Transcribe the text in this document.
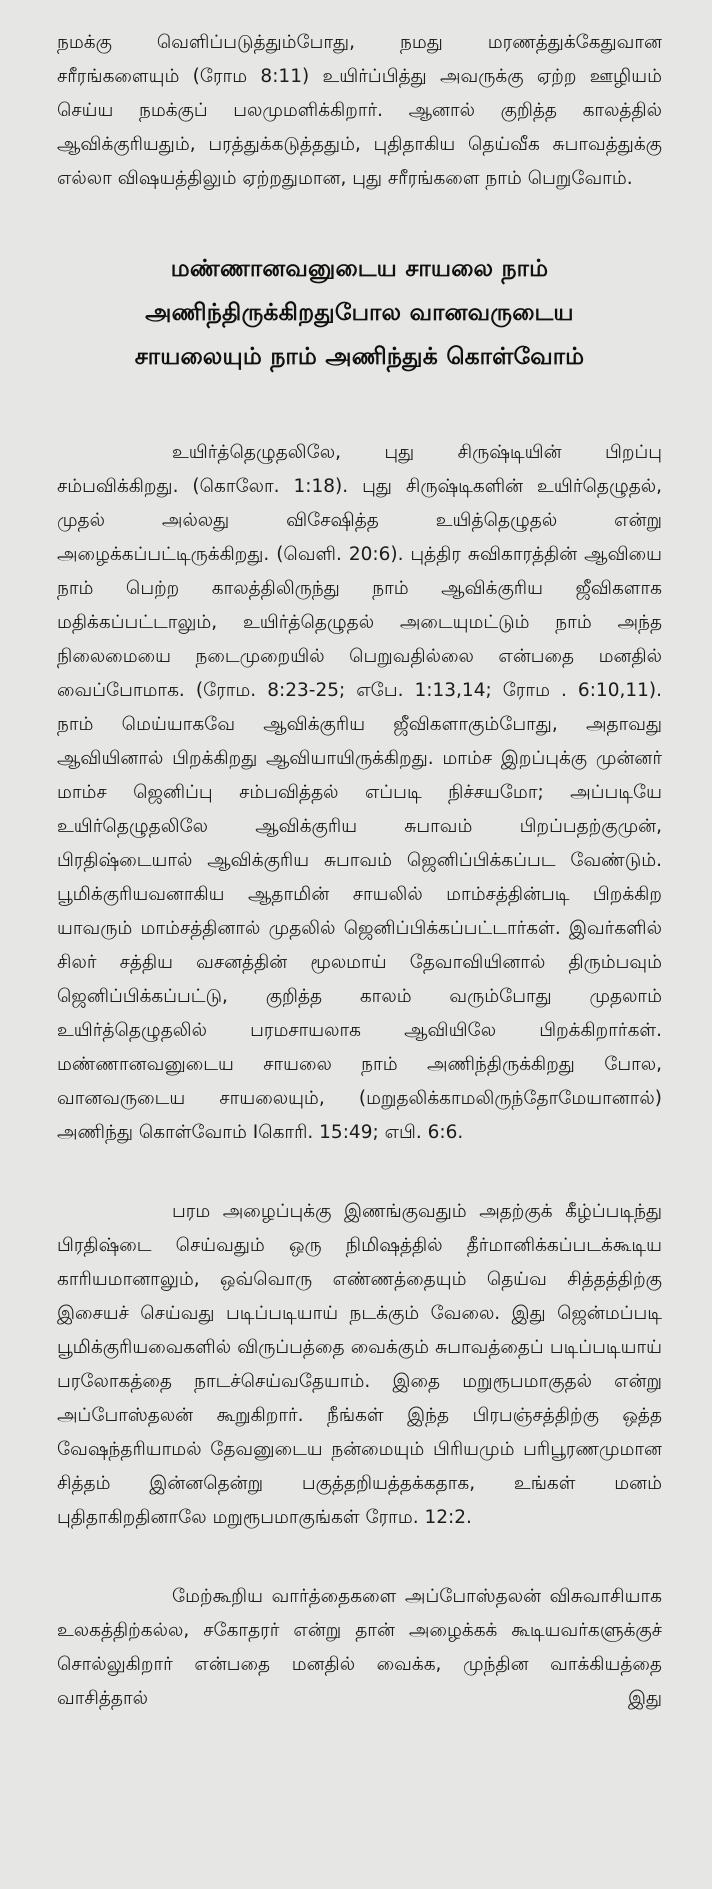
நமக்கு வெளிப்படுத்தும்போது, நமது மரணத்துக்கேதுவான சரீரங்களையும் (ரோம 8:11) உயிர்ப்பித்து அவருக்கு ஏற்ற ஊழியம் செய்ய நமக்குப் பலமுமளிக்கிறார். ஆனால் குறித்த காலத்தில் ஆவிக்குரியதும், பரத்துக்கடுத்ததும், புதிதாகிய தெய்வீக சுபாவத்துக்கு எல்லா விஷயத்திலும் ஏற்றதுமான, புது சரீரங்களை நாம் பெறுவோம்.

மண்ணானவனுடைய சாயலை நாம்
அணிந்திருக்கிறதுபோல வானவருடைய
சாயலையும் நாம் அணிந்துக் கொள்வோம்

உயிர்த்தெழுதலிலே, புது சிருஷ்டியின் பிறப்பு சம்பவிக்கிறது. (கொலோ. 1:18). புது சிருஷ்டிகளின் உயிர்தெழுதல், முதல் அல்லது விசேஷித்த உயித்தெழுதல் என்று அழைக்கப்பட்டிருக்கிறது. (வெளி. 20:6). புத்திர சுவிகாரத்தின் ஆவியை நாம் பெற்ற காலத்திலிருந்து நாம் ஆவிக்குரிய ஜீவிகளாக மதிக்கப்பட்டாலும், உயிர்த்தெழுதல் அடையுமட்டும் நாம் அந்த நிலைமையை நடைமுறையில் பெறுவதில்லை என்பதை மனதில் வைப்போமாக. (ரோம. 8:23-25; எபே. 1:13,14; ரோம . 6:10,11). நாம் மெய்யாகவே ஆவிக்குரிய ஜீவிகளாகும்போது, அதாவது ஆவியினால் பிறக்கிறது ஆவியாயிருக்கிறது. மாம்ச இறப்புக்கு முன்னர் மாம்ச ஜெனிப்பு சம்பவித்தல் எப்படி நிச்சயமோ; அப்படியே உயிர்தெழுதலிலே ஆவிக்குரிய சுபாவம் பிறப்பதற்குமுன், பிரதிஷ்டையால் ஆவிக்குரிய சுபாவம் ஜெனிப்பிக்கப்பட வேண்டும். பூமிக்குரியவனாகிய ஆதாமின் சாயலில் மாம்சத்தின்படி பிறக்கிற யாவரும் மாம்சத்தினால் முதலில் ஜெனிப்பிக்கப்பட்டார்கள். இவர்களில் சிலர் சத்திய வசனத்தின் மூலமாய் தேவாவியினால் திரும்பவும் ஜெனிப்பிக்கப்பட்டு, குறித்த காலம் வரும்போது முதலாம் உயிர்த்தெழுதலில் பரமசாயலாக ஆவியிலே பிறக்கிறார்கள். மண்ணானவனுடைய சாயலை நாம் அணிந்திருக்கிறது போல, வானவருடைய சாயலையும், (மறுதலிக்காமலிருந்தோமேயானால்) அணிந்து கொள்வோம் Iகொரி. 15:49; எபி. 6:6.

பரம அழைப்புக்கு இணங்குவதும் அதற்குக் கீழ்ப்படிந்து பிரதிஷ்டை செய்வதும் ஒரு நிமிஷத்தில் தீர்மானிக்கப்படக்கூடிய காரியமானாலும், ஒவ்வொரு எண்ணத்தையும் தெய்வ சித்தத்திற்கு இசையச் செய்வது படிப்படியாய் நடக்கும் வேலை. இது ஜென்மப்படி பூமிக்குரியவைகளில் விருப்பத்தை வைக்கும் சுபாவத்தைப் படிப்படியாய் பரலோகத்தை நாடச்செய்வதேயாம். இதை மறுரூபமாகுதல் என்று அப்போஸ்தலன் கூறுகிறார். நீங்கள் இந்த பிரபஞ்சத்திற்கு ஒத்த வேஷந்தரியாமல் தேவனுடைய நன்மையும் பிரியமும் பரிபூரணமுமான சித்தம் இன்னதென்று பகுத்தறியத்தக்கதாக, உங்கள் மனம் புதிதாகிறதினாலே மறுரூபமாகுங்கள் ரோம. 12:2.

மேற்கூறிய வார்த்தைகளை அப்போஸ்தலன் விசுவாசியாக உலகத்திற்கல்ல, சகோதரர் என்று தான் அழைக்கக் கூடியவர்களுக்குச் சொல்லுகிறார் என்பதை மனதில் வைக்க, முந்தின வாக்கியத்தை வாசித்தால் இது
